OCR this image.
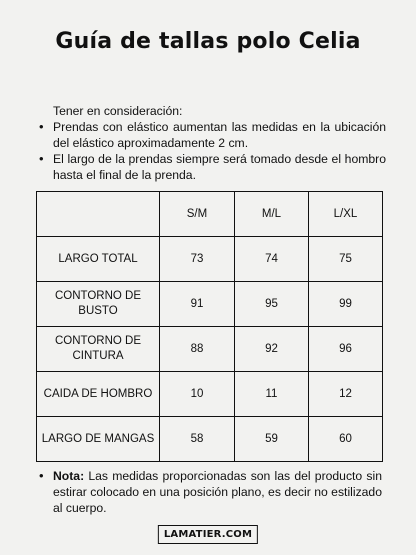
Guía de tallas polo Celia
Tener en consideración:
• Prendas con elástico aumentan las medidas en la ubicación del elástico aproximadamente 2 cm.
• El largo de la prendas siempre será tomado desde el hombro hasta el final de la prenda.
	S/M	M/L	L/XL
LARGO TOTAL	73	74	75
CONTORNO DE BUSTO	91	95	99
CONTORNO DE CINTURA	88	92	96
CAIDA DE HOMBRO	10	11	12
LARGO DE MANGAS	58	59	60
• Nota: Las medidas proporcionadas son las del producto sin estirar colocado en una posición plano, es decir no estilizado al cuerpo.
LAMATIER.COM
